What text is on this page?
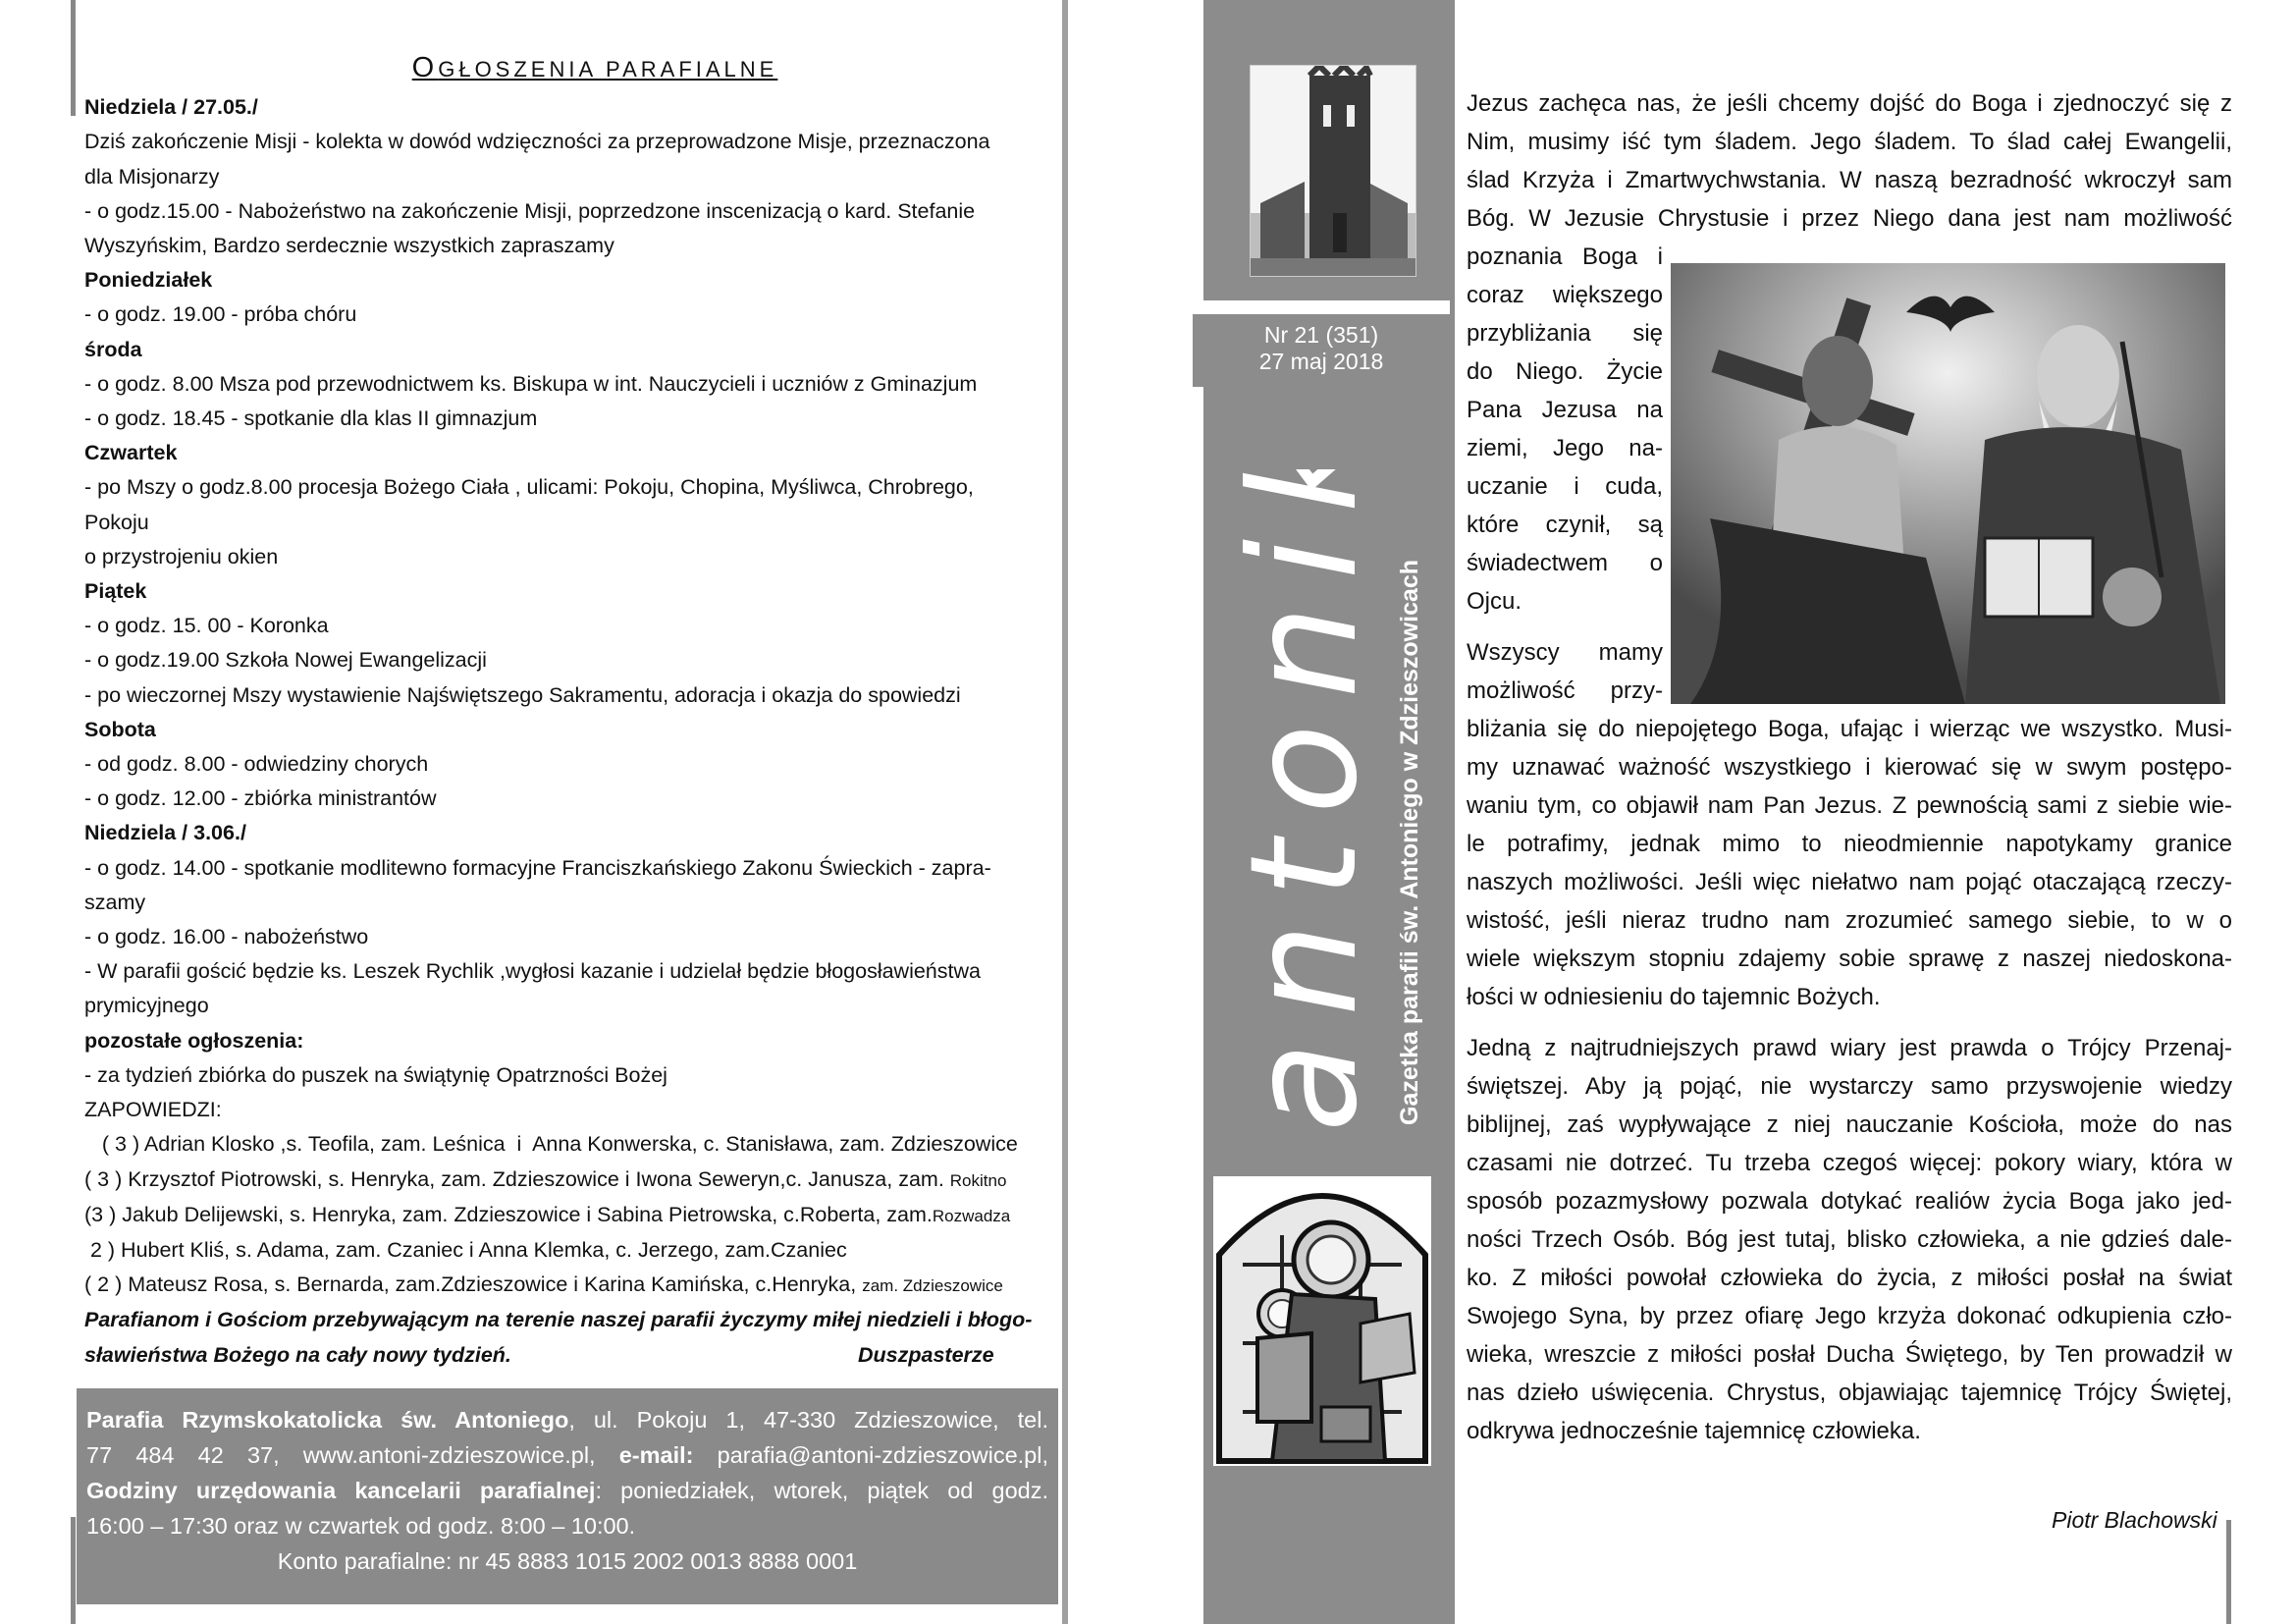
OGŁOSZENIA PARAFIALNE
Niedziela / 27.05./
Dziś zakończenie Misji - kolekta w dowód wdzięczności za przeprowadzone Misje, przeznaczona
dla Misjonarzy
- o godz.15.00 - Nabożeństwo na zakończenie Misji, poprzedzone inscenizacją o kard. Stefanie
Wyszyńskim, Bardzo serdecznie wszystkich zapraszamy
Poniedziałek
- o godz. 19.00 - próba chóru
środa
- o godz. 8.00 Msza pod przewodnictwem ks. Biskupa w int. Nauczycieli i uczniów z Gminazjum
- o godz. 18.45 - spotkanie dla klas II gimnazjum
Czwartek
- po Mszy o godz.8.00 procesja Bożego Ciała , ulicami: Pokoju, Chopina, Myśliwca, Chrobrego,
Pokoju
o przystrojeniu okien
Piątek
- o godz. 15. 00 - Koronka
- o godz.19.00 Szkoła Nowej Ewangelizacji
- po wieczornej Mszy wystawienie Najświętszego Sakramentu, adoracja i okazja do spowiedzi
Sobota
- od godz. 8.00 - odwiedziny chorych
- o godz. 12.00 - zbiórka ministrantów
Niedziela / 3.06./
- o godz. 14.00 - spotkanie modlitewno formacyjne Franciszkańskiego Zakonu Świeckich - zapra-
szamy
- o godz. 16.00 - nabożeństwo
- W parafii gościć będzie ks. Leszek Rychlik ,wygłosi kazanie i udzielał będzie błogosławieństwa
prymicyjnego
pozostałe ogłoszenia:
- za tydzień zbiórka do puszek na świątynię Opatrzności Bożej
ZAPOWIEDZI:
( 3 ) Adrian Klosko ,s. Teofila, zam. Leśnica  i  Anna Konwerska, c. Stanisława, zam. Zdzieszowice
( 3 ) Krzysztof Piotrowski, s. Henryka, zam. Zdzieszowice i Iwona Seweryn,c. Janusza, zam. Rokitno
(3 ) Jakub Delijewski, s. Henryka, zam. Zdzieszowice i Sabina Pietrowska, c.Roberta, zam.Rozwadza
2 ) Hubert Kliś, s. Adama, zam. Czaniec i Anna Klemka, c. Jerzego, zam.Czaniec
( 2 ) Mateusz Rosa, s. Bernarda, zam.Zdzieszowice i Karina Kamińska, c.Henryka, zam. Zdzieszowice
Parafianom i Gościom przebywającym na terenie naszej parafii życzymy miłej niedzieli i błogo-
sławieństwa Bożego na cały nowy tydzień.	Duszpasterze
Parafia Rzymskokatolicka św. Antoniego, ul. Pokoju 1, 47-330 Zdzieszowice, tel.
77 484 42 37, www.antoni-zdzieszowice.pl, e-mail: parafia@antoni-zdzieszowice.pl,
Godziny urzędowania kancelarii parafialnej: poniedziałek, wtorek, piątek od godz.
16:00 – 17:30 oraz w czwartek od godz. 8:00 – 10:00.
Konto parafialne: nr 45 8883 1015 2002 0013 8888 0001
Nr 21 (351)
27 maj 2018
antonik Gazetka parafii św. Antoniego w Zdzieszowicach
Jezus zachęca nas, że jeśli chcemy dojść do Boga i zjednoczyć się z
Nim, musimy iść tym śladem. Jego śladem. To ślad całej Ewangelii,
ślad Krzyża i Zmartwychwstania. W naszą bezradność wkroczył sam
Bóg. W Jezusie Chrystusie i przez Niego dana jest nam możliwość
poznania Boga i
coraz większego
przybliżania się
do Niego. Życie
Pana Jezusa na
ziemi, Jego na-
uczanie i cuda,
które czynił, są
świadectwem o
Ojcu.
Wszyscy mamy
możliwość przy-
bliżania się do niepojętego Boga, ufając i wierząc we wszystko. Musi-
my uznawać ważność wszystkiego i kierować się w swym postępo-
waniu tym, co objawił nam Pan Jezus. Z pewnością sami z siebie wie-
le potrafimy, jednak mimo to nieodmiennie napotykamy granice
naszych możliwości. Jeśli więc niełatwo nam pojąć otaczającą rzeczy-
wistość, jeśli nieraz trudno nam zrozumieć samego siebie, to w o
wiele większym stopniu zdajemy sobie sprawę z naszej niedoskona-
łości w odniesieniu do tajemnic Bożych.
Jedną z najtrudniejszych prawd wiary jest prawda o Trójcy Przenaj-
świętszej. Aby ją pojąć, nie wystarczy samo przyswojenie wiedzy
biblijnej, zaś wypływające z niej nauczanie Kościoła, może do nas
czasami nie dotrzeć. Tu trzeba czegoś więcej: pokory wiary, która w
sposób pozazmysłowy pozwala dotykać realiów życia Boga jako jed-
ności Trzech Osób. Bóg jest tutaj, blisko człowieka, a nie gdzieś dale-
ko. Z miłości powołał człowieka do życia, z miłości posłał na świat
Swojego Syna, by przez ofiarę Jego krzyża dokonać odkupienia czło-
wieka, wreszcie z miłości posłał Ducha Świętego, by Ten prowadził w
nas dzieło uświęcenia. Chrystus, objawiając tajemnicę Trójcy Świętej,
odkrywa jednocześnie tajemnicę człowieka.
Piotr Blachowski
